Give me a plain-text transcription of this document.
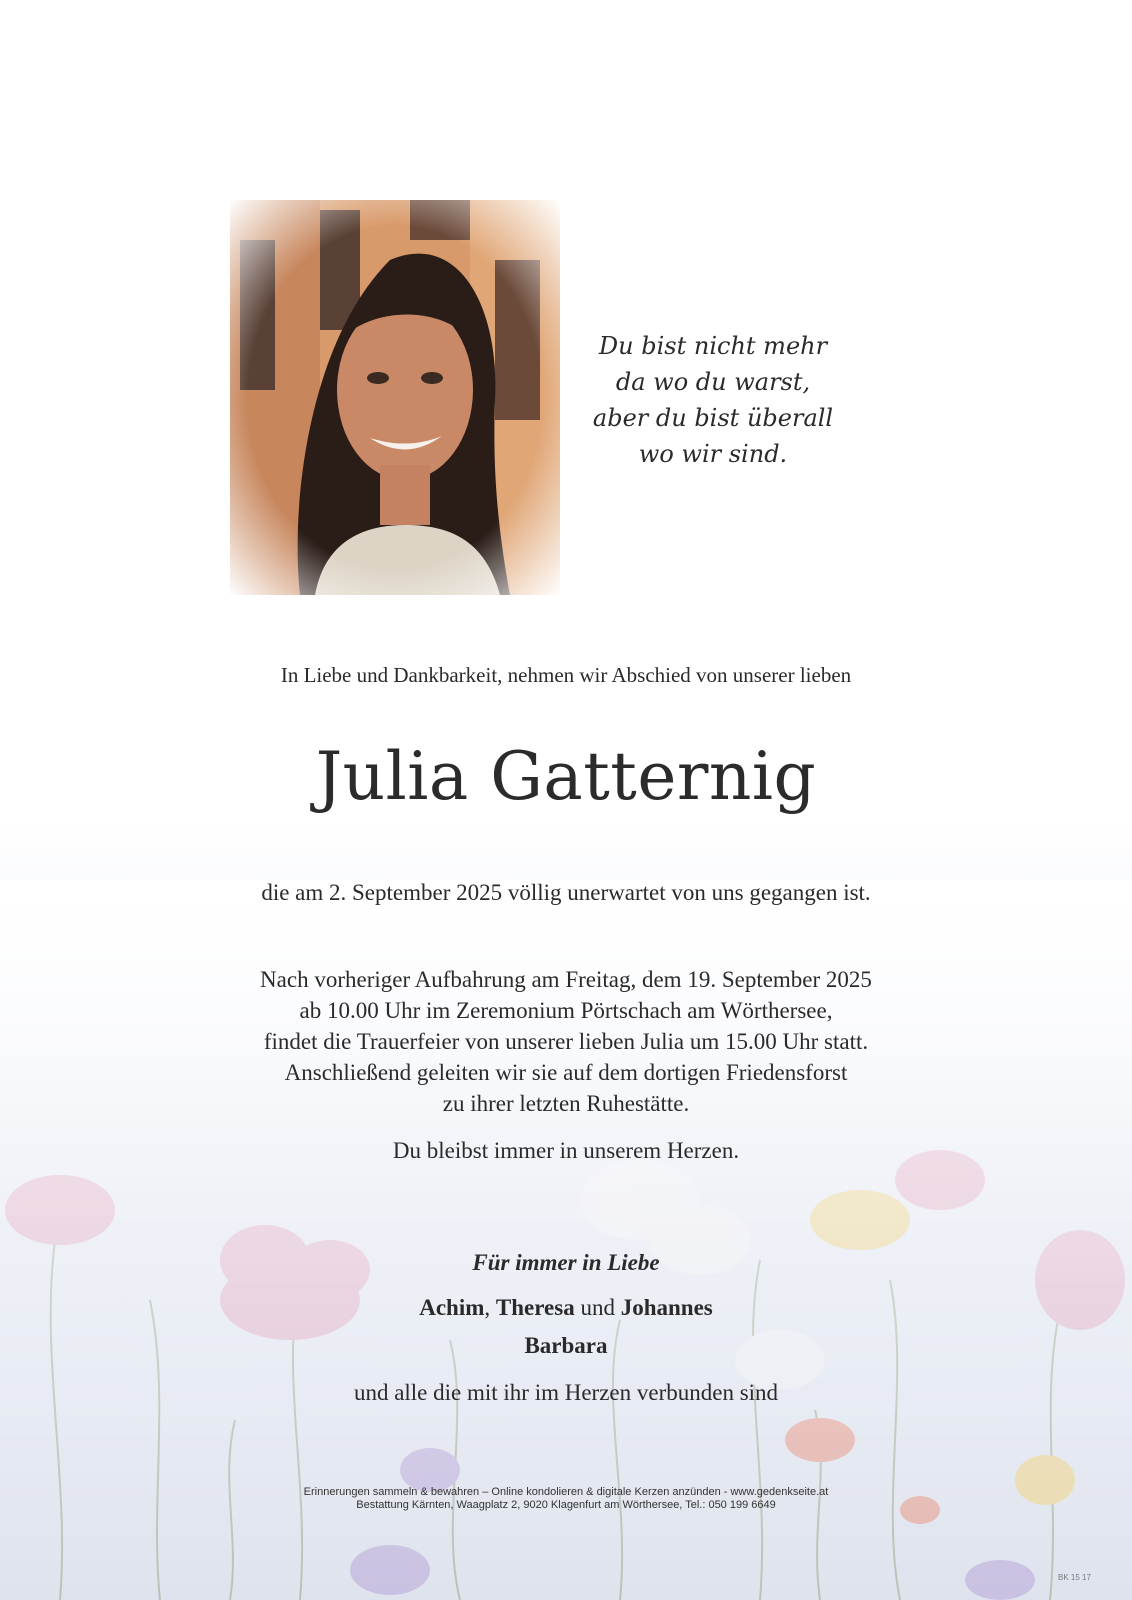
Du bist nicht mehr
da wo du warst,
aber du bist überall
wo wir sind.
In Liebe und Dankbarkeit, nehmen wir Abschied von unserer lieben
Julia Gatternig
die am 2. September 2025 völlig unerwartet von uns gegangen ist.
Nach vorheriger Aufbahrung am Freitag, dem 19. September 2025
ab 10.00 Uhr im Zeremonium Pörtschach am Wörthersee,
findet die Trauerfeier von unserer lieben Julia um 15.00 Uhr statt.
Anschließend geleiten wir sie auf dem dortigen Friedensforst
zu ihrer letzten Ruhestätte.
Du bleibst immer in unserem Herzen.
Für immer in Liebe
Achim, Theresa und Johannes
Barbara
und alle die mit ihr im Herzen verbunden sind
Erinnerungen sammeln & bewahren – Online kondolieren & digitale Kerzen anzünden - www.gedenkseite.at
Bestattung Kärnten, Waagplatz 2, 9020 Klagenfurt am Wörthersee, Tel.: 050 199 6649
BK 15 17
